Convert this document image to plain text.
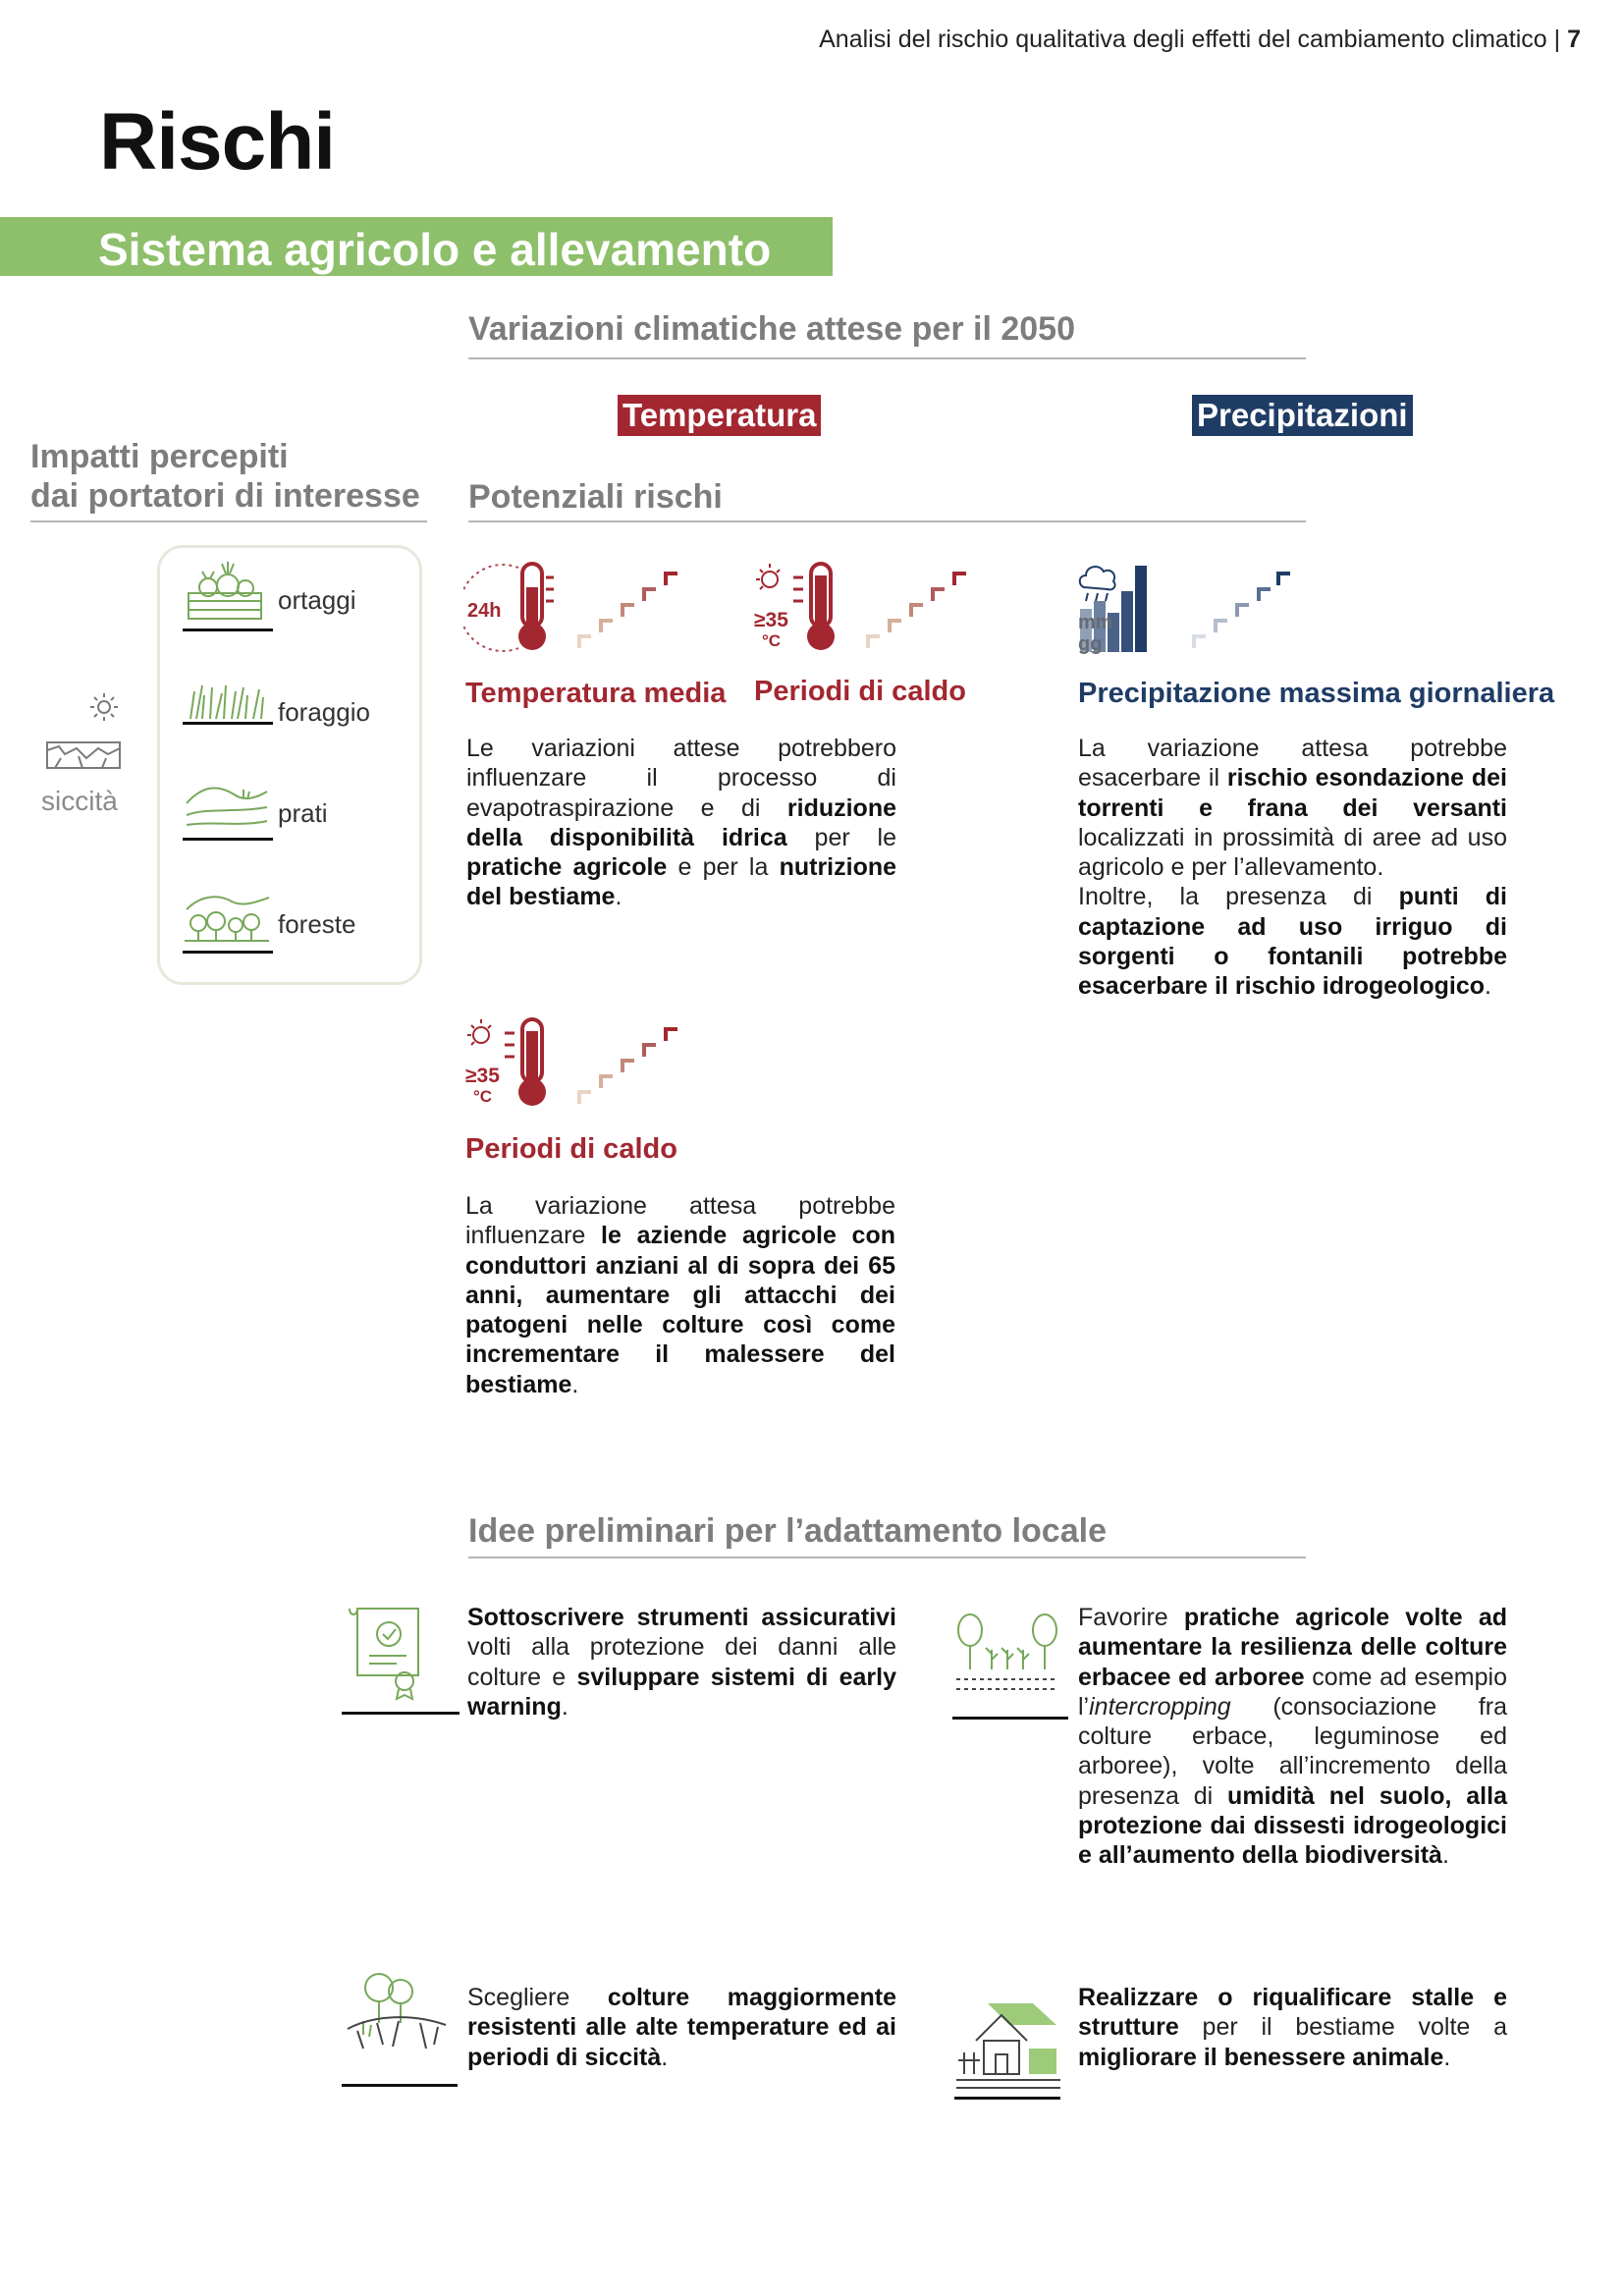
Analisi del rischio qualitativa degli effetti del cambiamento climatico | 7
Rischi
Sistema agricolo e allevamento
Variazioni climatiche attese per il 2050
Temperatura	Precipitazioni
Impatti percepiti
dai portatori di interesse Potenziali rischi
siccità
ortaggi
foraggio
prati
foreste
24h
Temperatura media
≥35
°C
Periodi di caldo
mm
gg
Precipitazione massima giornaliera
Le variazioni attese potrebbero influenzare il processo di evapotraspirazione e di riduzione della disponibilità idrica per le pratiche agricole e per la nutrizione del bestiame.
La variazione attesa potrebbe esacerbare il rischio esondazione dei torrenti e frana dei versanti localizzati in prossimità di aree ad uso agricolo e per l’allevamento.
Inoltre, la presenza di punti di captazione ad uso irriguo di sorgenti o fontanili potrebbe esacerbare il rischio idrogeologico.
≥35
°C
Periodi di caldo
La variazione attesa potrebbe influenzare le aziende agricole con conduttori anziani al di sopra dei 65 anni, aumentare gli attacchi dei patogeni nelle colture così come incrementare il malessere del bestiame.
Idee preliminari per l’adattamento locale
Sottoscrivere strumenti assicurativi volti alla protezione dei danni alle colture e sviluppare sistemi di early warning.
Favorire pratiche agricole volte ad aumentare la resilienza delle colture erbacee ed arboree come ad esempio l’intercropping (consociazione fra colture erbace, leguminose ed arboree), volte all’incremento della presenza di umidità nel suolo, alla protezione dai dissesti idrogeologici e all’aumento della biodiversità.
Scegliere colture maggiormente resistenti alle alte temperature ed ai periodi di siccità.
Realizzare o riqualificare stalle e strutture per il bestiame volte a migliorare il benessere animale.
